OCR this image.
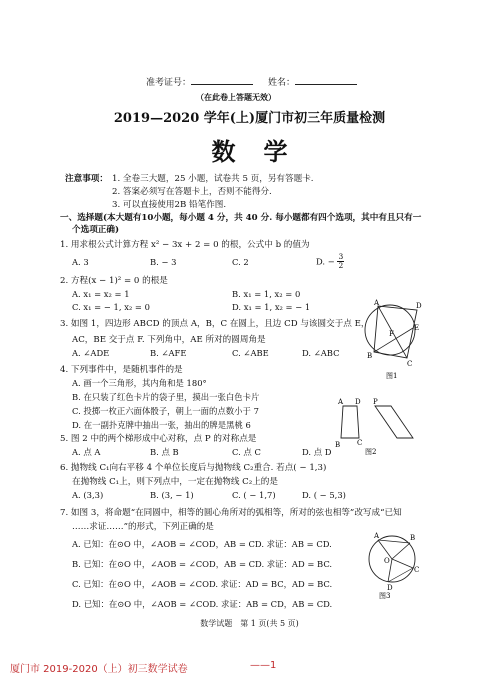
准考证号：	姓名：
（在此卷上答题无效）
2019—2020 学年(上)厦门市初三年质量检测
数学
注意事项： 1. 全卷三大题，25 小题，试卷共 5 页，另有答题卡.
2. 答案必须写在答题卡上，否则不能得分.
3. 可以直接使用2B 铅笔作图.
一、选择题(本大题有10小题，每小题 4 分，共 40 分. 每小题都有四个选项，其中有且只有一
个选项正确)
1. 用求根公式计算方程 x² − 3x + 2 = 0 的根，公式中 b 的值为
A. 3	B. − 3	C. 2	D. − $\frac{3}{2}$
2. 方程(x − 1)² = 0 的根是
A. x₁ = x₂ = 1	B. x₁ = 1, x₂ = 0
C. x₁ = − 1, x₂ = 0	D. x₁ = 1, x₂ = − 1
3. 如图 1，四边形 ABCD 的顶点 A，B，C 在圆上，且边 CD 与该圆交于点 E，
AC，BE 交于点 F. 下列角中，AE 所对的圆周角是
A. ∠ADE	B. ∠AFE	C. ∠ABE	D. ∠ABC
4. 下列事件中，是随机事件的是
A. 画一个三角形，其内角和是 180°
B. 在只装了红色卡片的袋子里，摸出一张白色卡片
C. 投掷一枚正六面体骰子，朝上一面的点数小于 7
D. 在一副扑克牌中抽出一张，抽出的牌是黑桃 6
5. 图 2 中的两个梯形成中心对称，点 P 的对称点是
A. 点 A	B. 点 B	C. 点 C	D. 点 D
6. 抛物线 C₁向右平移 4 个单位长度后与抛物线 C₂重合. 若点( − 1,3)
在抛物线 C₁上，则下列点中，一定在抛物线 C₂上的是
A. (3,3)	B. (3, − 1)	C. ( − 1,7)	D. ( − 5,3)
7. 如图 3，将命题“在同圆中，相等的圆心角所对的弧相等，所对的弦也相等”改写成“已知
……求证……”的形式，下列正确的是
A. 已知：在⊙O 中，∠AOB = ∠COD，AB = CD. 求证：AB = CD.
B. 已知：在⊙O 中，∠AOB = ∠COD，AB = CD. 求证：AD = BC.
C. 已知：在⊙O 中，∠AOB = ∠COD. 求证：AD = BC，AD = BC.
D. 已知：在⊙O 中，∠AOB = ∠COD. 求证：AB = CD，AB = CD.
A	D
E
F
B
C
图1
A D P
B C
图2
A	B
C
D
O
图3
数学试题　第 1 页(共 5 页)
厦门市 2019-2020（上）初三数学试卷	——1
